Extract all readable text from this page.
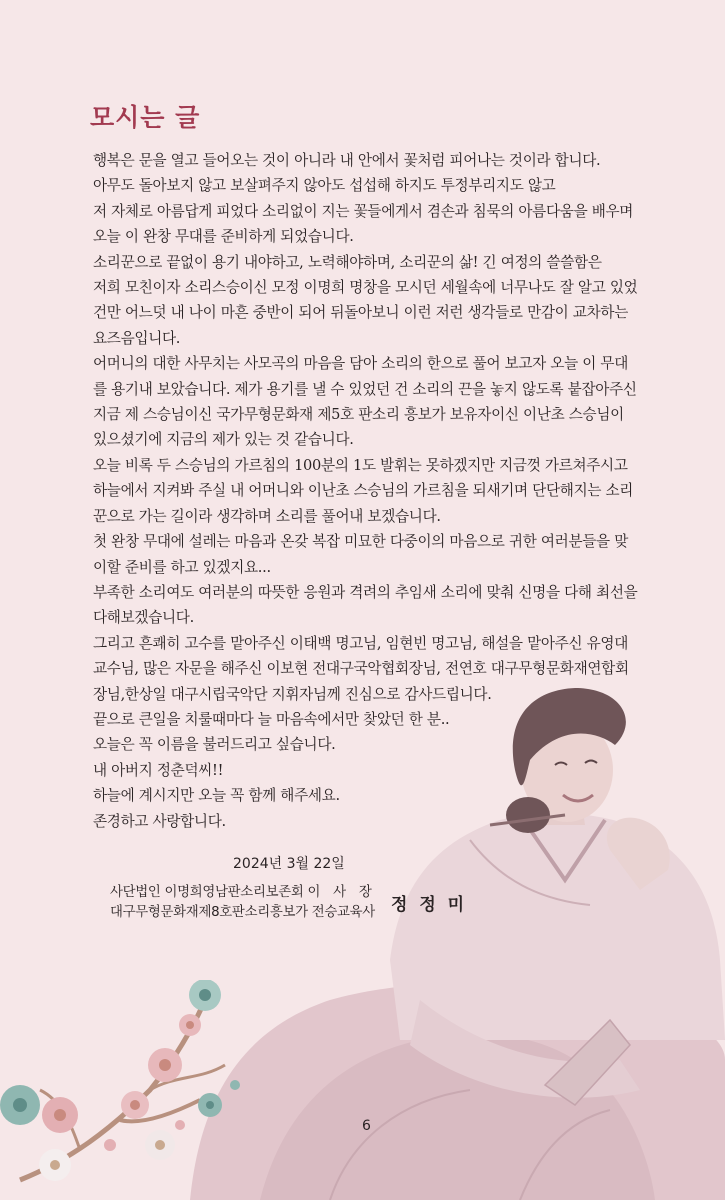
모시는 글
행복은 문을 열고 들어오는 것이 아니라 내 안에서 꽃처럼 피어나는 것이라 합니다.
아무도 돌아보지 않고 보살펴주지 않아도 섭섭해 하지도 투정부리지도 않고
저 자체로 아름답게 피었다 소리없이 지는 꽃들에게서 겸손과 침묵의 아름다움을 배우며
오늘 이 완창 무대를 준비하게 되었습니다.
소리꾼으로 끝없이 용기 내야하고, 노력해야하며, 소리꾼의 삶! 긴 여정의 쓸쓸함은
저희 모친이자 소리스승이신 모정 이명희 명창을 모시던 세월속에 너무나도 잘 알고 있었
건만 어느덧 내 나이 마흔 중반이 되어 뒤돌아보니 이런 저런 생각들로 만감이 교차하는
요즈음입니다.
어머니의 대한 사무치는 사모곡의 마음을 담아 소리의 한으로 풀어 보고자 오늘 이 무대
를 용기내 보았습니다. 제가 용기를 낼 수 있었던 건 소리의 끈을 놓지 않도록 붙잡아주신
지금 제 스승님이신 국가무형문화재 제5호 판소리 흥보가 보유자이신 이난초 스승님이
있으셨기에 지금의 제가 있는 것 같습니다.
오늘 비록 두 스승님의 가르침의 100분의 1도 발휘는 못하겠지만 지금껏 가르쳐주시고
하늘에서 지켜봐 주실 내 어머니와 이난초 스승님의 가르침을 되새기며 단단해지는 소리
꾼으로 가는 길이라 생각하며 소리를 풀어내 보겠습니다.
첫 완창 무대에 설레는 마음과 온갖 복잡 미묘한 다중이의 마음으로 귀한 여러분들을 맞
이할 준비를 하고 있겠지요...
부족한 소리여도 여러분의 따뜻한 응원과 격려의 추임새 소리에 맞춰 신명을 다해 최선을
다해보겠습니다.
그리고 흔쾌히 고수를 맡아주신 이태백 명고님, 임현빈 명고님, 해설을 맡아주신 유영대
교수님, 많은 자문을 해주신 이보현 전대구국악협회장님, 전연호 대구무형문화재연합회
장님,한상일 대구시립국악단 지휘자님께 진심으로 감사드립니다.
끝으로 큰일을 치룰때마다 늘 마음속에서만 찾았던 한 분..
오늘은 꼭 이름을 불러드리고 싶습니다.
내 아버지 정춘덕씨!!
하늘에 계시지만 오늘 꼭 함께 해주세요.
존경하고 사랑합니다.
2024년 3월 22일
사단법인 이명희영남판소리보존회 이　사　장
대구무형문화재제8호판소리흥보가 전승교육사 정 정 미
6
